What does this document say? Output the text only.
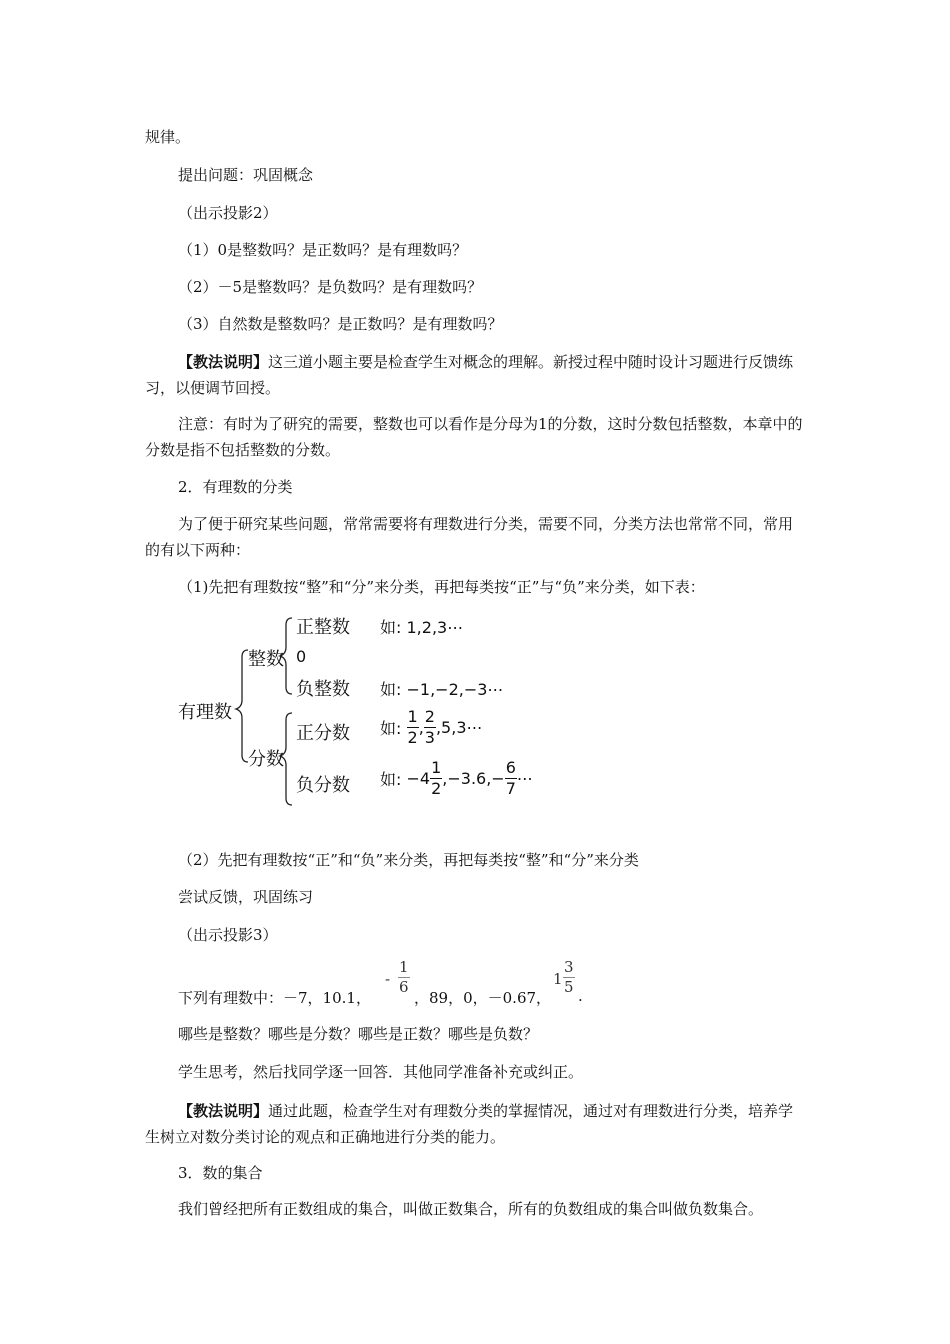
规律。
提出问题：巩固概念
（出示投影2）
（1）0是整数吗？是正数吗？是有理数吗？
（2）－5是整数吗？是负数吗？是有理数吗？
（3）自然数是整数吗？是正数吗？是有理数吗？
【教法说明】这三道小题主要是检查学生对概念的理解。新授过程中随时设计习题进行反馈练习，以便调节回授。
注意：有时为了研究的需要，整数也可以看作是分母为1的分数，这时分数包括整数，本章中的分数是指不包括整数的分数。
2．有理数的分类
为了便于研究某些问题，常常需要将有理数进行分类，需要不同，分类方法也常常不同，常用的有以下两种：
（1)先把有理数按“整”和“分”来分类，再把每类按“正”与“负”来分类，如下表：
有理数
整数
分数
正整数
0
负整数
正分数
负分数
如: 1,2,3⋯
如: −1,−2,−3⋯
如: $\frac{1}{2}$ , $\frac{2}{3}$ ,5,3⋯
如: $-4 \frac{1}{2} ,-3.6,- \frac{6}{7}$ ⋯
（2）先把有理数按“正”和“负”来分类，再把每类按“整”和“分”来分类
尝试反馈，巩固练习
（出示投影3）
下列有理数中：－7，10.1，
- $\frac{1}{6}$
，89，0，－0.67，
$1 \frac{3}{5}$
.
哪些是整数？哪些是分数？哪些是正数？哪些是负数？
学生思考，然后找同学逐一回答．其他同学准备补充或纠正。
【教法说明】通过此题，检查学生对有理数分类的掌握情况，通过对有理数进行分类，培养学生树立对数分类讨论的观点和正确地进行分类的能力。
3．数的集合
我们曾经把所有正数组成的集合，叫做正数集合，所有的负数组成的集合叫做负数集合。
